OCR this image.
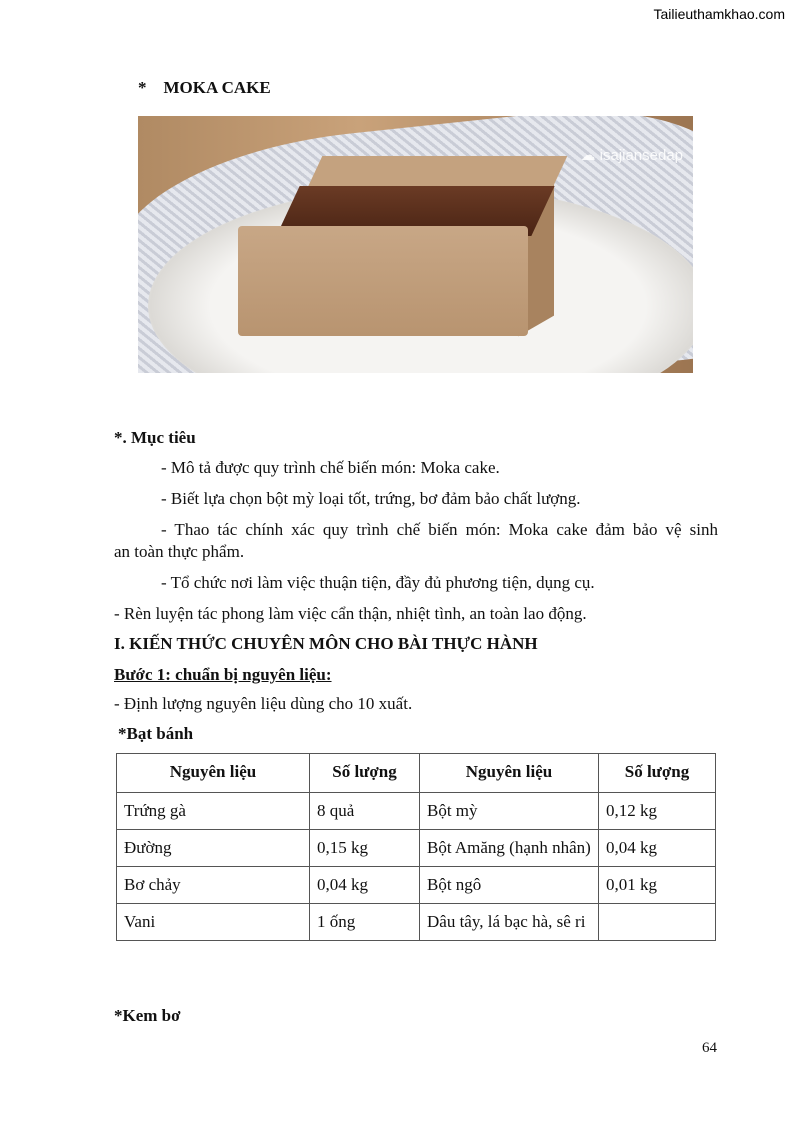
Tailieuthamkhao.com
*    MOKA CAKE
☁ isajiansedap
*. Mục tiêu
- Mô tả được quy trình chế biến món: Moka cake.
- Biết lựa chọn bột mỳ loại tốt, trứng, bơ đảm bảo chất lượng.
- Thao tác chính xác quy trình chế biến món: Moka cake đảm bảo vệ sinh
an toàn thực phẩm.
- Tổ chức nơi làm việc thuận tiện, đầy đủ phương tiện, dụng cụ.
- Rèn luyện tác phong làm việc cẩn thận, nhiệt tình, an toàn lao động.
I. KIẾN THỨC CHUYÊN MÔN CHO BÀI THỰC HÀNH
Bước 1: chuẩn bị nguyên liệu:
- Định lượng nguyên liệu dùng cho 10 xuất.
*Bạt bánh
Nguyên liệu	Số lượng	Nguyên liệu	Số lượng
Trứng gà	8 quả	Bột mỳ	0,12 kg
Đường	0,15 kg	Bột Amăng (hạnh nhân)	0,04 kg
Bơ chảy	0,04 kg	Bột ngô	0,01 kg
Vani	1 ống	Dâu tây, lá bạc hà, sê ri	
*Kem bơ
64
